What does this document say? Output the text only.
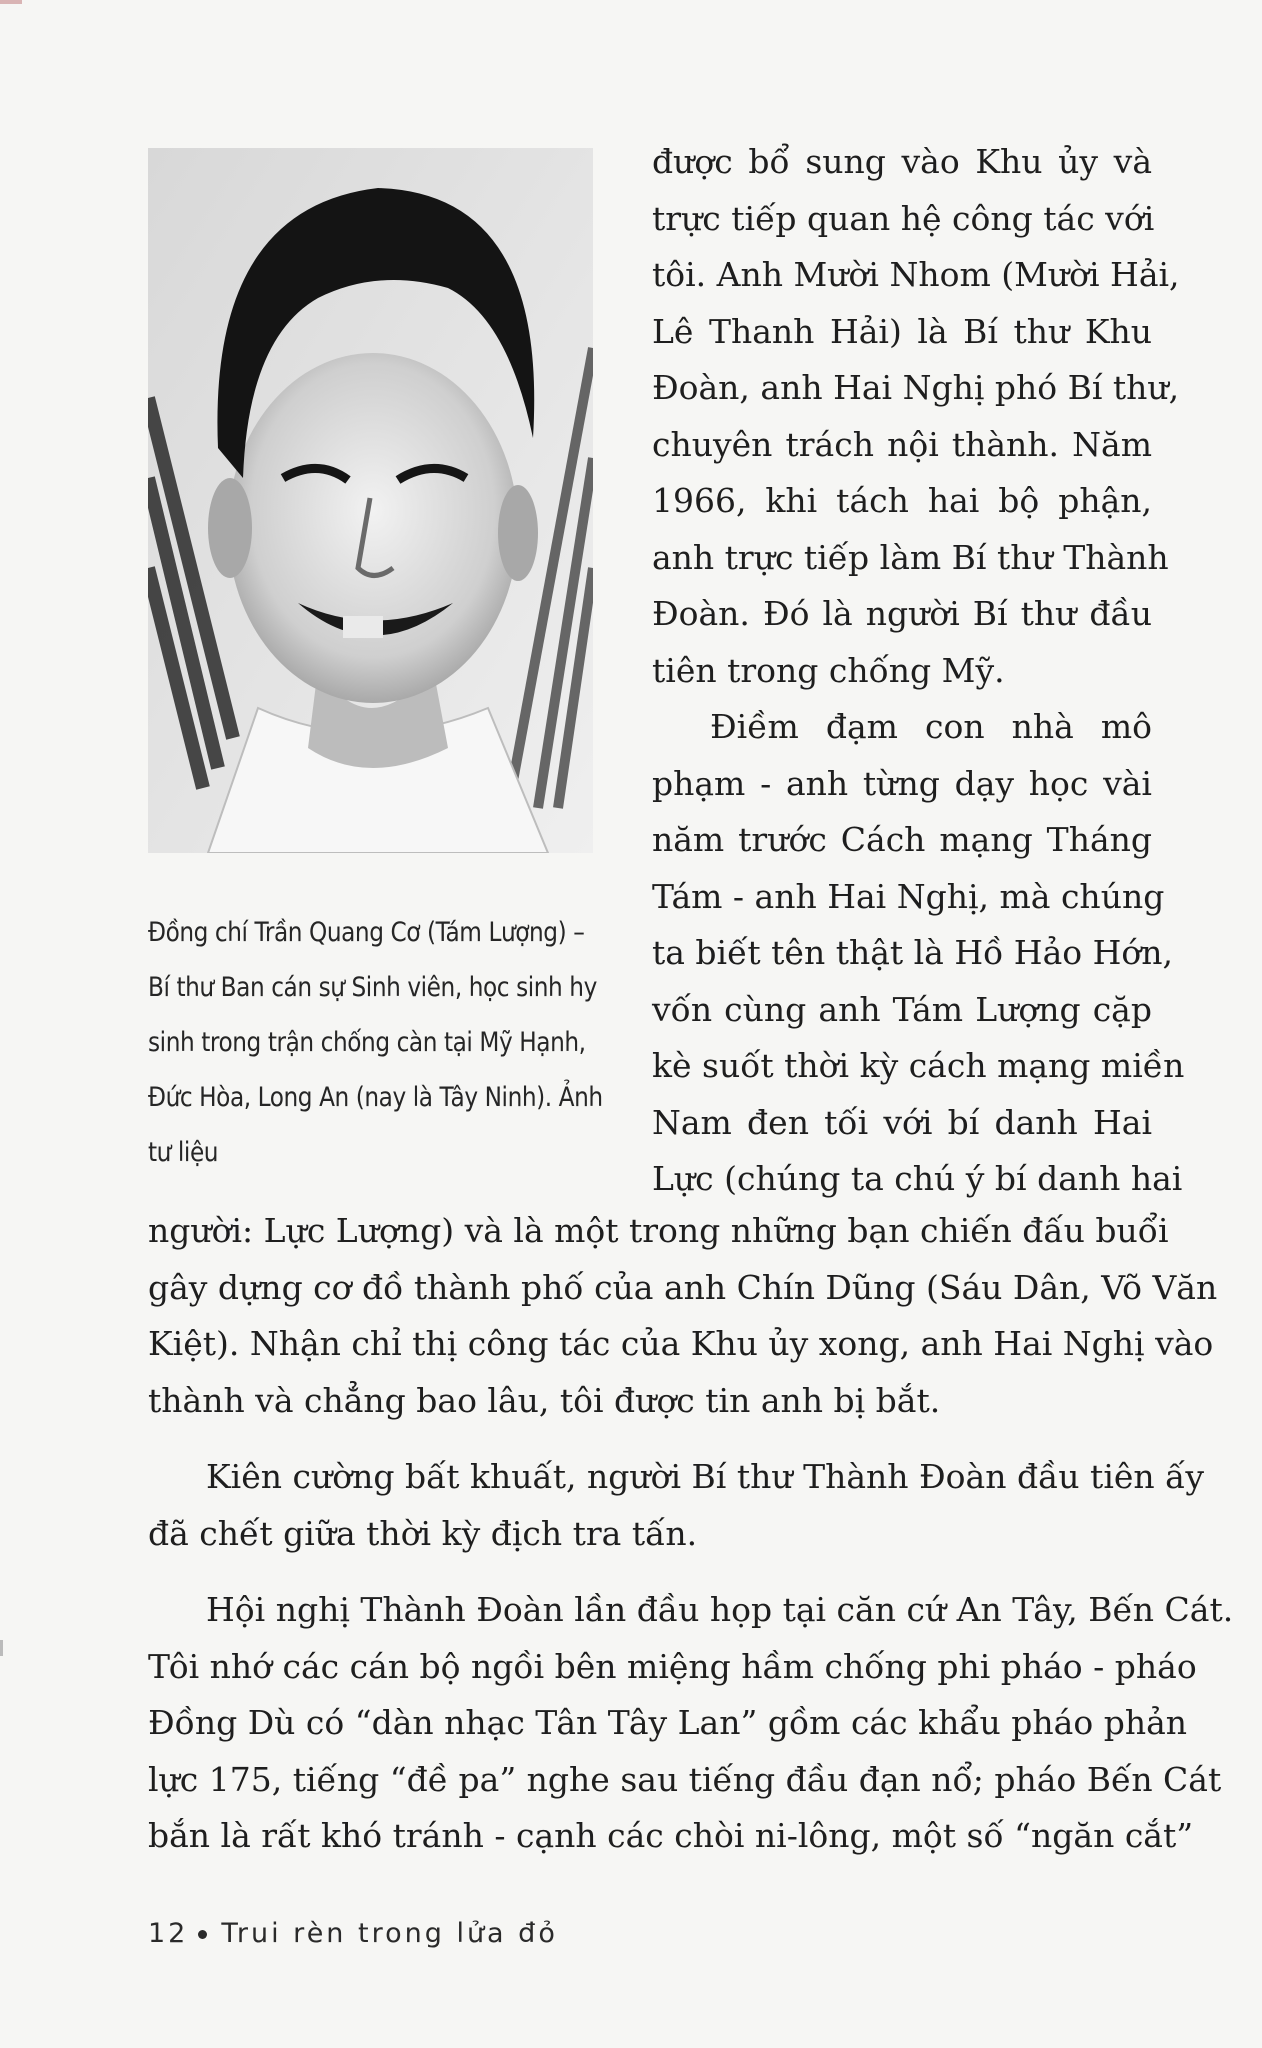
Đồng chí Trần Quang Cơ (Tám Lượng) –
Bí thư Ban cán sự Sinh viên, học sinh hy
sinh trong trận chống càn tại Mỹ Hạnh,
Đức Hòa, Long An (nay là Tây Ninh). Ảnh
tư liệu
được bổ sung vào Khu ủy và
trực tiếp quan hệ công tác với
tôi. Anh Mười Nhom (Mười Hải,
Lê Thanh Hải) là Bí thư Khu
Đoàn, anh Hai Nghị phó Bí thư,
chuyên trách nội thành. Năm
1966, khi tách hai bộ phận,
anh trực tiếp làm Bí thư Thành
Đoàn. Đó là người Bí thư đầu
tiên trong chống Mỹ.
Điềm đạm con nhà mô
phạm - anh từng dạy học vài
năm trước Cách mạng Tháng
Tám - anh Hai Nghị, mà chúng
ta biết tên thật là Hồ Hảo Hớn,
vốn cùng anh Tám Lượng cặp
kè suốt thời kỳ cách mạng miền
Nam đen tối với bí danh Hai
Lực (chúng ta chú ý bí danh hai
người: Lực Lượng) và là một trong những bạn chiến đấu buổi
gây dựng cơ đồ thành phố của anh Chín Dũng (Sáu Dân, Võ Văn
Kiệt). Nhận chỉ thị công tác của Khu ủy xong, anh Hai Nghị vào
thành và chẳng bao lâu, tôi được tin anh bị bắt.
Kiên cường bất khuất, người Bí thư Thành Đoàn đầu tiên ấy
đã chết giữa thời kỳ địch tra tấn.
Hội nghị Thành Đoàn lần đầu họp tại căn cứ An Tây, Bến Cát.
Tôi nhớ các cán bộ ngồi bên miệng hầm chống phi pháo - pháo
Đồng Dù có “dàn nhạc Tân Tây Lan” gồm các khẩu pháo phản
lực 175, tiếng “đề pa” nghe sau tiếng đầu đạn nổ; pháo Bến Cát
bắn là rất khó tránh - cạnh các chòi ni-lông, một số “ngăn cắt”
12 Trui rèn trong lửa đỏ
